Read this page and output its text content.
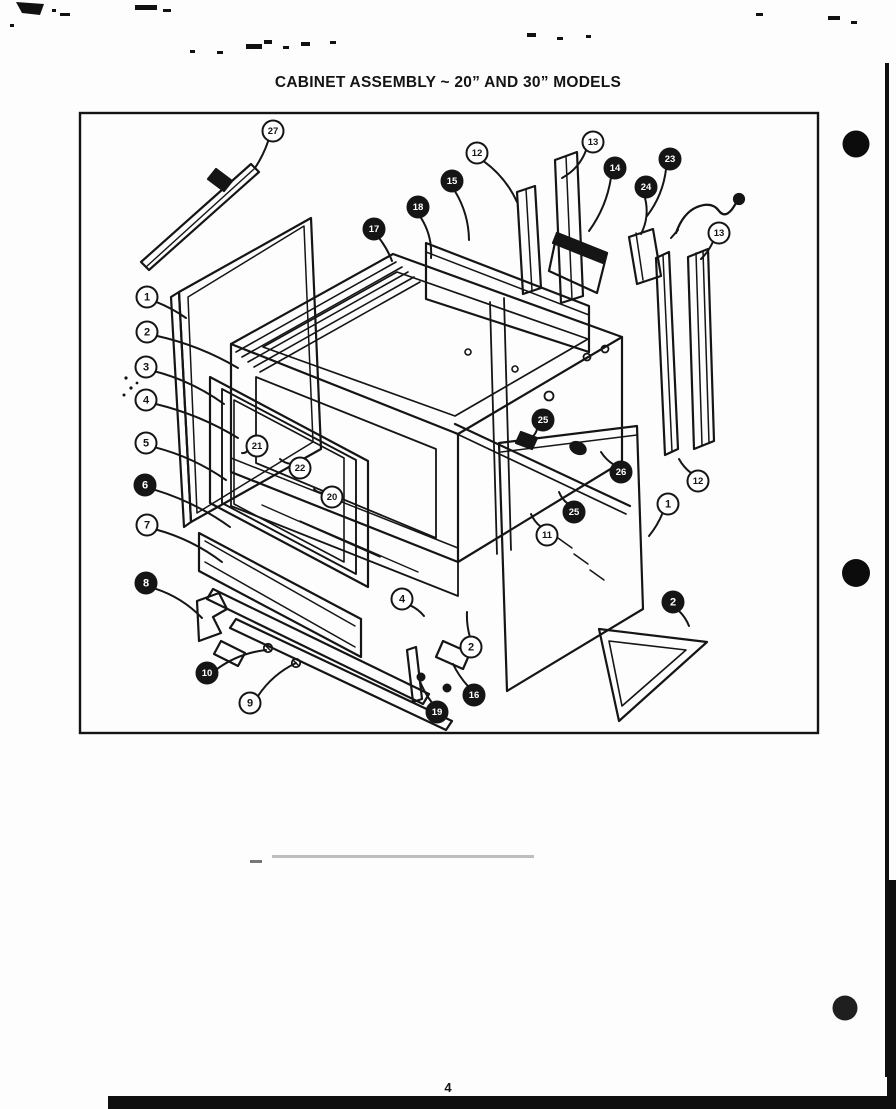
CABINET ASSEMBLY ~ 20” AND 30” MODELS
27
1
2
3
4
5
6
7
8
10
9
17
18
15
12
13
14
23
24
13
21
22
20
25
26
25
11
4
2
19
16
2
1
12
4
